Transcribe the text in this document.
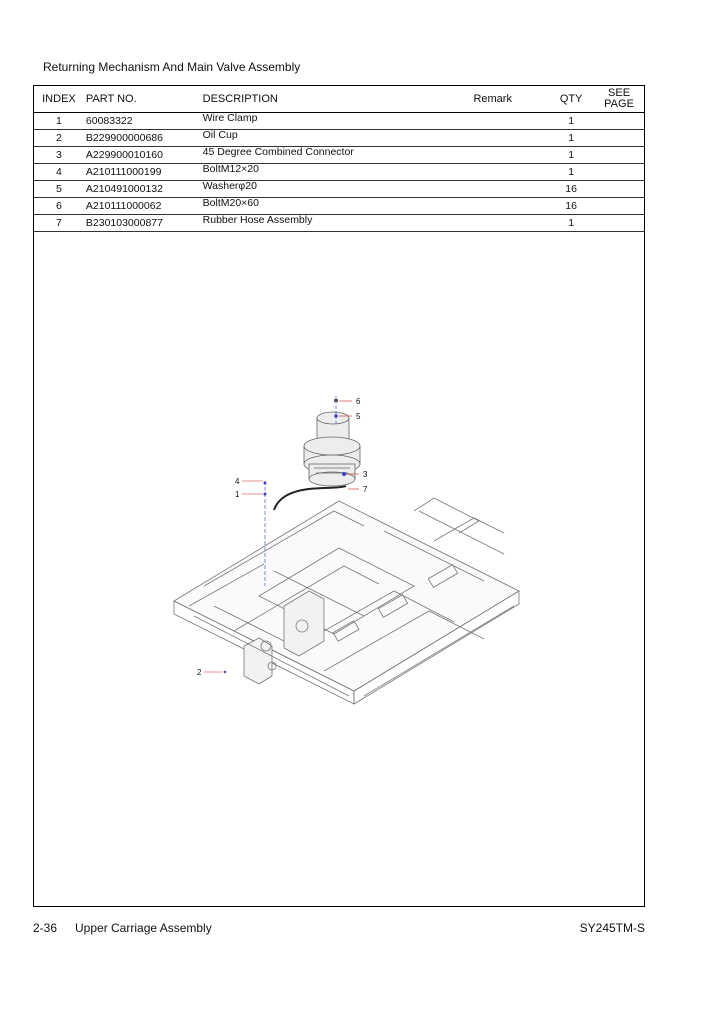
Returning Mechanism And Main Valve Assembly
INDEX	PART NO.	DESCRIPTION	Remark	QTY	SEE
PAGE
1	60083322	Wire Clamp		1	
2	B229900000686	Oil Cup		1	
3	A229900010160	45 Degree Combined Connector		1	
4	A210111000199	BoltM12×20		1	
5	A210491000132	Washerφ20		16	
6	A210111000062	BoltM20×60		16	
7	B230103000877	Rubber Hose Assembly		1	
6
5
3
7
4
1
2
2-36 Upper Carriage Assembly	SY245TM-S
